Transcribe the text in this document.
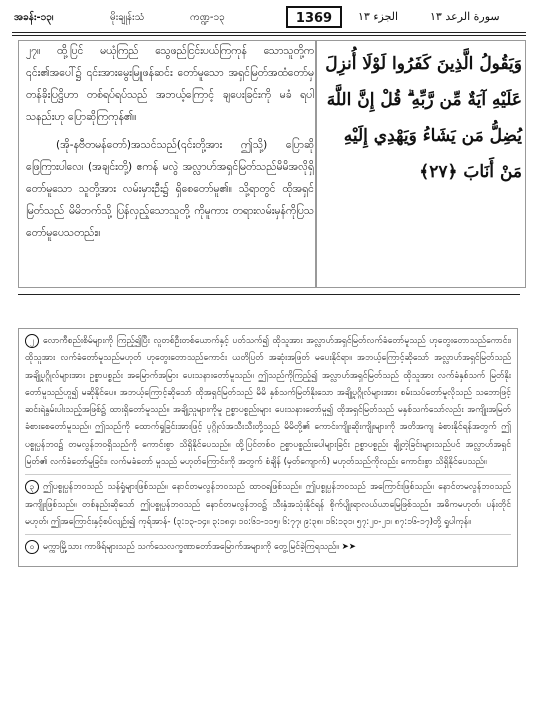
အခန်း-၁၃၊	မိုးချုန်းသံ	ကဏ္ဍ-၁၃	1369	الجزء ١٣	سورة الرعد ١٣

၂၇။ ထို့ပြင် မယုံကြည် သွေဖည်ငြင်းပယ်ကြကုန် သောသူတို့က ၎င်း၏အပေါ်၌ ၎င်းအားမွေးမြူဖန်ဆင်း တော်မူသော အရှင်မြတ်အထံတော်မှ တန်ခိုးပြဋ္ဌိဟာ တစ်ရပ်ရပ်သည် အဘယ့်ကြောင့် ချပေးခြင်းကို မခံ ရပါသနည်းဟု ပြောဆိုကြကုန်၏။

(အို-နဗီတမန်တော်)အသင်သည်(၎င်းတို့အား ဤသို့) ပြောဆိုဖြေကြားပါလေ၊ (အချင်းတို့) ဧကန် မလွဲ အလ္လာဟ်အရှင်မြတ်သည်မိမိအလိုရှိတော်မူသော သူတို့အား လမ်းမှားဦး၌ ရှိစေတော်မူ၏။ သို့ရာတွင် ထိုအရှင်မြတ်သည် မိမိဘက်သို့ ပြန်လှည့်သောသူတို့ ကိုမူကား တရားလမ်းမှန်ကိုပြသတော်မူပေသတည်း။

وَيَقُولُ الَّذِينَ كَفَرُوا لَوْلَا أُنزِلَ
عَلَيْهِ آيَةٌ مِّن رَّبِّهِ ۗ قُلْ إِنَّ اللَّهَ
يُضِلُّ مَن يَشَاءُ وَيَهْدِي إِلَيْهِ
مَنْ أَنَابَ ﴿٢٧﴾
၂ လောကီစည်းစိမ်များကို ကြည့်၍ပြီး လူတစ်ဦးတစ်ယောက်နှင့် ပတ်သက်၍ ထိုသူအား အလ္လာဟ်အရှင်မြတ်လက်ခံတော်မူသည် ဟုတွေးတောသည်ကောင်း၊ ထိုသူအား လက်ခံတော်မူသည်မဟုတ် ဟုတွေးတောသည်ကောင်း ယတိပြတ် အဆုံးအဖြတ် မပေးနိုင်ရာ။ အဘယ့်ကြောင့်ဆိုသော် အလ္လာဟ်အရှင်မြတ်သည် အချို့ပုဂ္ဂိုလ်များအား ဥစ္စာပစ္စည်း အမြောက်အမြား ပေးသနားတော်မူသည်။ ဤသည်ကိုကြည့်၍ အလ္လာဟ်အရှင်မြတ်သည် ထိုသူအား လက်ခံနှစ်သက် မြတ်နိုးတော်မူသည်ဟူ၍ မဆိုနိုင်ပေ။ အဘယ့်ကြောင့်ဆိုသော် ထိုအရှင်မြတ်သည် မိမိ နှစ်သက်မြတ်နိုးသော အချို့ပုဂ္ဂိုလ်များအား စမ်းသပ်တော်မူလိုသည် သဘောဖြင့် ဆင်းရဲနွမ်းပါးသည့်အဖြစ်၌ ထားရှိတော်မူသည်။ အချို့သူများကိုမူ ဥစ္စာပစ္စည်းများ ပေးသနားတော်မူ၍ ထိုအရှင်မြတ်သည် မနှစ်သက်သော်လည်း အကျိုးအမြတ် ခံစားစေတော်မူသည်။ ဤသည်ကို ထောက်ရှုခြင်းအားဖြင့် ပုဂ္ဂိုလ်အသီးသီးတို့သည် မိမိတို့၏ ကောင်းကျိုးဆိုးကျိုးများကို အတိအကျ ခံစားနိုင်ရန်အတွက် ဤပစ္စုပ္ပန်ဘဝ၌ တမလွန်ဘဝရှိသည်ကို ကောင်းစွာ သိရှိနိုင်ပေသည်။ ထို့ပြင်တစ်ဝ ဥစ္စာပစ္စည်းပေါများခြင်း ဥစ္စာပစ္စည်း ချို့တဲ့ခြင်းများသည်ပင် အလ္လာဟ်အရှင်မြတ်၏ လက်ခံတော်မူခြင်း၊ လက်မခံတော် မူသည် မဟုတ်ကြောင်းကို အတွက် စံချိန် (မှတ်ကျောက်) မဟုတ်သည်ကိုလည်း ကောင်းစွာ သိရှိနိုင်ပေသည်။
၃ ဤပစ္စုပ္ပန်ဘဝသည် သန်ရှုံများဖြစ်သည်။ နောင်တမလွန်ဘဝသည် ထာဝရဖြစ်သည်။ ဤပစ္စုပ္ပန်ဘဝသည် အကြောင်းဖြစ်သည်။ နောင်တမလွန်ဘဝသည် အကျိုးဖြစ်သည်။ တစ်နည်းဆိုသော် ဤပစ္စုပ္ပန်ဘဝသည် နောင်တမလွန်ဘဝ၌ သီးနှံအသုံးနိုင်ရန် စိုက်ပျိုးရာလယ်ယာမြေဖြစ်သည်။ အဓိကမဟုတ်၊ ပန်းတိုင်မဟုတ်၊ ဤအကြောင်းနှင့်စပ်လျဉ်း၍ ကုရ်အာန်- (၃:၁၃-၁၄။ ၃:၁၈၄၊ ၁၀:၆၁-၁၁၅၊ ၆:၇၇၊ ၉:၃၈၊ ၁၆:၁၃၁၊ ၅၇:၂၀-၂၁၊ ၈၇:၁၆-၁၇)တို့ ရှုပါကုန်။
၀ မက္ကာမြို့သား ကာဖိရ်များသည် သက်သေလက္ခဏာတော်အမြောက်အများကို တွေ့မြင်ခဲ့ကြရသည်။ ➤➤
